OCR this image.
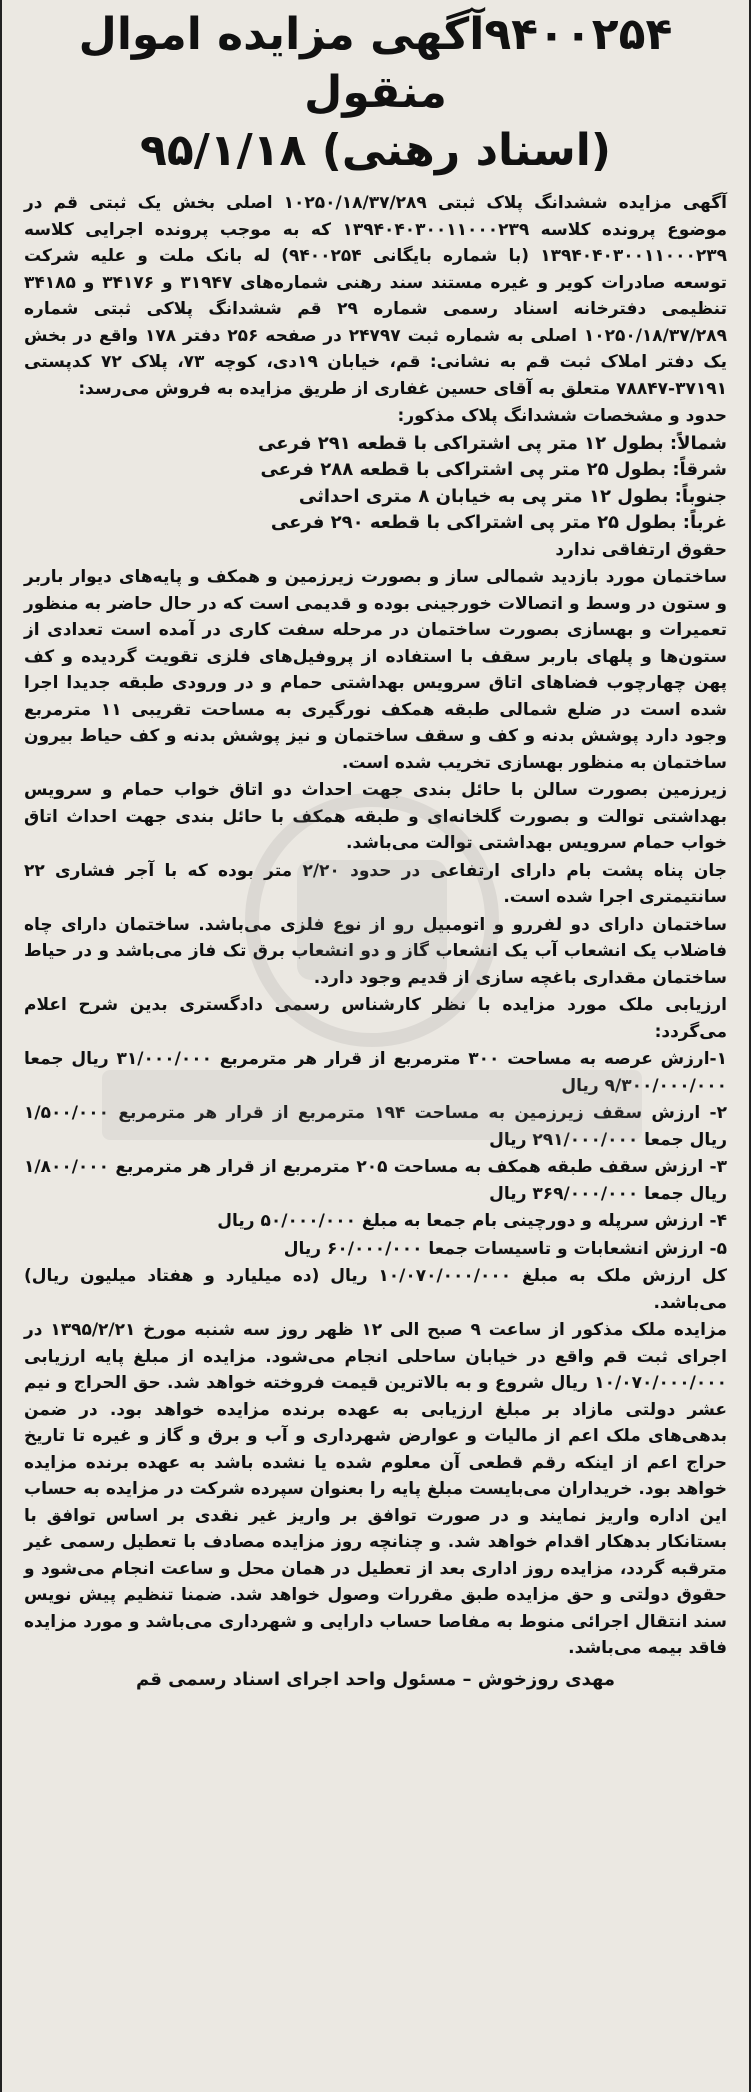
۹۴۰۰۲۵۴آگهی مزایده اموال منقول
(اسناد رهنی) ۹۵/۱/۱۸

آگهی مزایده ششدانگ پلاک ثبتی ۱۰۲۵۰/۱۸/۳۷/۲۸۹ اصلی بخش یک ثبتی قم در موضوع پرونده کلاسه ۱۳۹۴۰۴۰۳۰۰۱۱۰۰۰۲۳۹ که به موجب پرونده اجرایی کلاسه ۱۳۹۴۰۴۰۳۰۰۱۱۰۰۰۲۳۹ (با شماره بایگانی ۹۴۰۰۲۵۴) له بانک ملت و علیه شرکت توسعه صادرات کویر و غیره مستند سند رهنی شماره‌های ۳۱۹۴۷ و ۳۴۱۷۶ و ۳۴۱۸۵ تنظیمی دفترخانه اسناد رسمی شماره ۲۹ قم ششدانگ پلاکی ثبتی شماره ۱۰۲۵۰/۱۸/۳۷/۲۸۹ اصلی به شماره ثبت ۲۴۷۹۷ در صفحه ۲۵۶ دفتر ۱۷۸ واقع در بخش یک دفتر املاک ثبت قم به نشانی: قم، خیابان ۱۹دی، کوچه ۷۳، پلاک ۷۲ کدپستی ۳۷۱۹۱-۷۸۸۴۷ متعلق به آقای حسین غفاری از طریق مزایده به فروش می‌رسد:

حدود و مشخصات ششدانگ پلاک مذکور:

شمالاً: بطول ۱۲ متر پی اشتراکی با قطعه ۲۹۱ فرعی

شرقاً: بطول ۲۵ متر پی اشتراکی با قطعه ۲۸۸ فرعی

جنوباً: بطول ۱۲ متر پی به خیابان ۸ متری احداثی

غرباً: بطول ۲۵ متر پی اشتراکی با قطعه ۲۹۰ فرعی

حقوق ارتفاقی ندارد

ساختمان مورد بازدید شمالی ساز و بصورت زیرزمین و همکف و پایه‌های دیوار باربر و ستون در وسط و اتصالات خورجینی بوده و قدیمی است که در حال حاضر به منظور تعمیرات و بهسازی بصورت ساختمان در مرحله سفت کاری در آمده است تعدادی از ستون‌ها و پلهای باربر سقف با استفاده از پروفیل‌های فلزی تقویت گردیده و کف پهن چهارچوب فضاهای اتاق سرویس بهداشتی حمام و در ورودی طبقه جدیدا اجرا شده است در ضلع شمالی طبقه همکف نورگیری به مساحت تقریبی ۱۱ مترمربع وجود دارد پوشش بدنه و کف و سقف ساختمان و نیز پوشش بدنه و کف حیاط بیرون ساختمان به منظور بهسازی تخریب شده است.

زیرزمین بصورت سالن با حائل بندی جهت احداث دو اتاق خواب حمام و سرویس بهداشتی توالت و بصورت گلخانه‌ای و طبقه همکف با حائل بندی جهت احداث اتاق خواب حمام سرویس بهداشتی توالت می‌باشد.

جان پناه پشت بام دارای ارتفاعی در حدود ۲/۲۰ متر بوده که با آجر فشاری ۲۲ سانتیمتری اجرا شده است.

ساختمان دارای دو لفررو و اتومبیل رو از نوع فلزی می‌باشد. ساختمان دارای چاه فاضلاب یک انشعاب آب یک انشعاب گاز و دو انشعاب برق تک فاز می‌باشد و در حیاط ساختمان مقداری باغچه سازی از قدیم وجود دارد.

ارزیابی ملک مورد مزایده با نظر کارشناس رسمی دادگستری بدین شرح اعلام می‌گردد:

۱-ارزش عرصه به مساحت ۳۰۰ مترمربع از قرار هر مترمربع ۳۱/۰۰۰/۰۰۰ ریال جمعا ۹/۳۰۰/۰۰۰/۰۰۰ ریال

۲- ارزش سقف زیرزمین به مساحت ۱۹۴ مترمربع از قرار هر مترمربع ۱/۵۰۰/۰۰۰ ریال جمعا ۲۹۱/۰۰۰/۰۰۰ ریال

۳- ارزش سقف طبقه همکف به مساحت ۲۰۵ مترمربع از قرار هر مترمربع ۱/۸۰۰/۰۰۰ ریال جمعا ۳۶۹/۰۰۰/۰۰۰ ریال

۴- ارزش سرپله و دورچینی بام جمعا به مبلغ ۵۰/۰۰۰/۰۰۰ ریال

۵- ارزش انشعابات و تاسیسات جمعا ۶۰/۰۰۰/۰۰۰ ریال

کل ارزش ملک به مبلغ ۱۰/۰۷۰/۰۰۰/۰۰۰ ریال (ده میلیارد و هفتاد میلیون ریال) می‌باشد.

مزایده ملک مذکور از ساعت ۹ صبح الی ۱۲ ظهر روز سه شنبه مورخ ۱۳۹۵/۲/۲۱ در اجرای ثبت قم واقع در خیابان ساحلی انجام می‌شود. مزایده از مبلغ پایه ارزیابی ۱۰/۰۷۰/۰۰۰/۰۰۰ ریال شروع و به بالاترین قیمت فروخته خواهد شد. حق الحراج و نیم عشر دولتی مازاد بر مبلغ ارزیابی به عهده برنده مزایده خواهد بود. در ضمن بدهی‌های ملک اعم از مالیات و عوارض شهرداری و آب و برق و گاز و غیره تا تاریخ حراج اعم از اینکه رقم قطعی آن معلوم شده یا نشده باشد به عهده برنده مزایده خواهد بود. خریداران می‌بایست مبلغ پایه را بعنوان سپرده شرکت در مزایده به حساب این اداره واریز نمایند و در صورت توافق بر واریز غیر نقدی بر اساس توافق با بستانکار بدهکار اقدام خواهد شد. و چنانچه روز مزایده مصادف با تعطیل رسمی غیر مترقبه گردد، مزایده روز اداری بعد از تعطیل در همان محل و ساعت انجام می‌شود و حقوق دولتی و حق مزایده طبق مقررات وصول خواهد شد. ضمنا تنظیم پیش نویس سند انتقال اجرائی منوط به مفاصا حساب دارایی و شهرداری می‌باشد و مورد مزایده فاقد بیمه می‌باشد.

مهدی روزخوش – مسئول واحد اجرای اسناد رسمی قم
